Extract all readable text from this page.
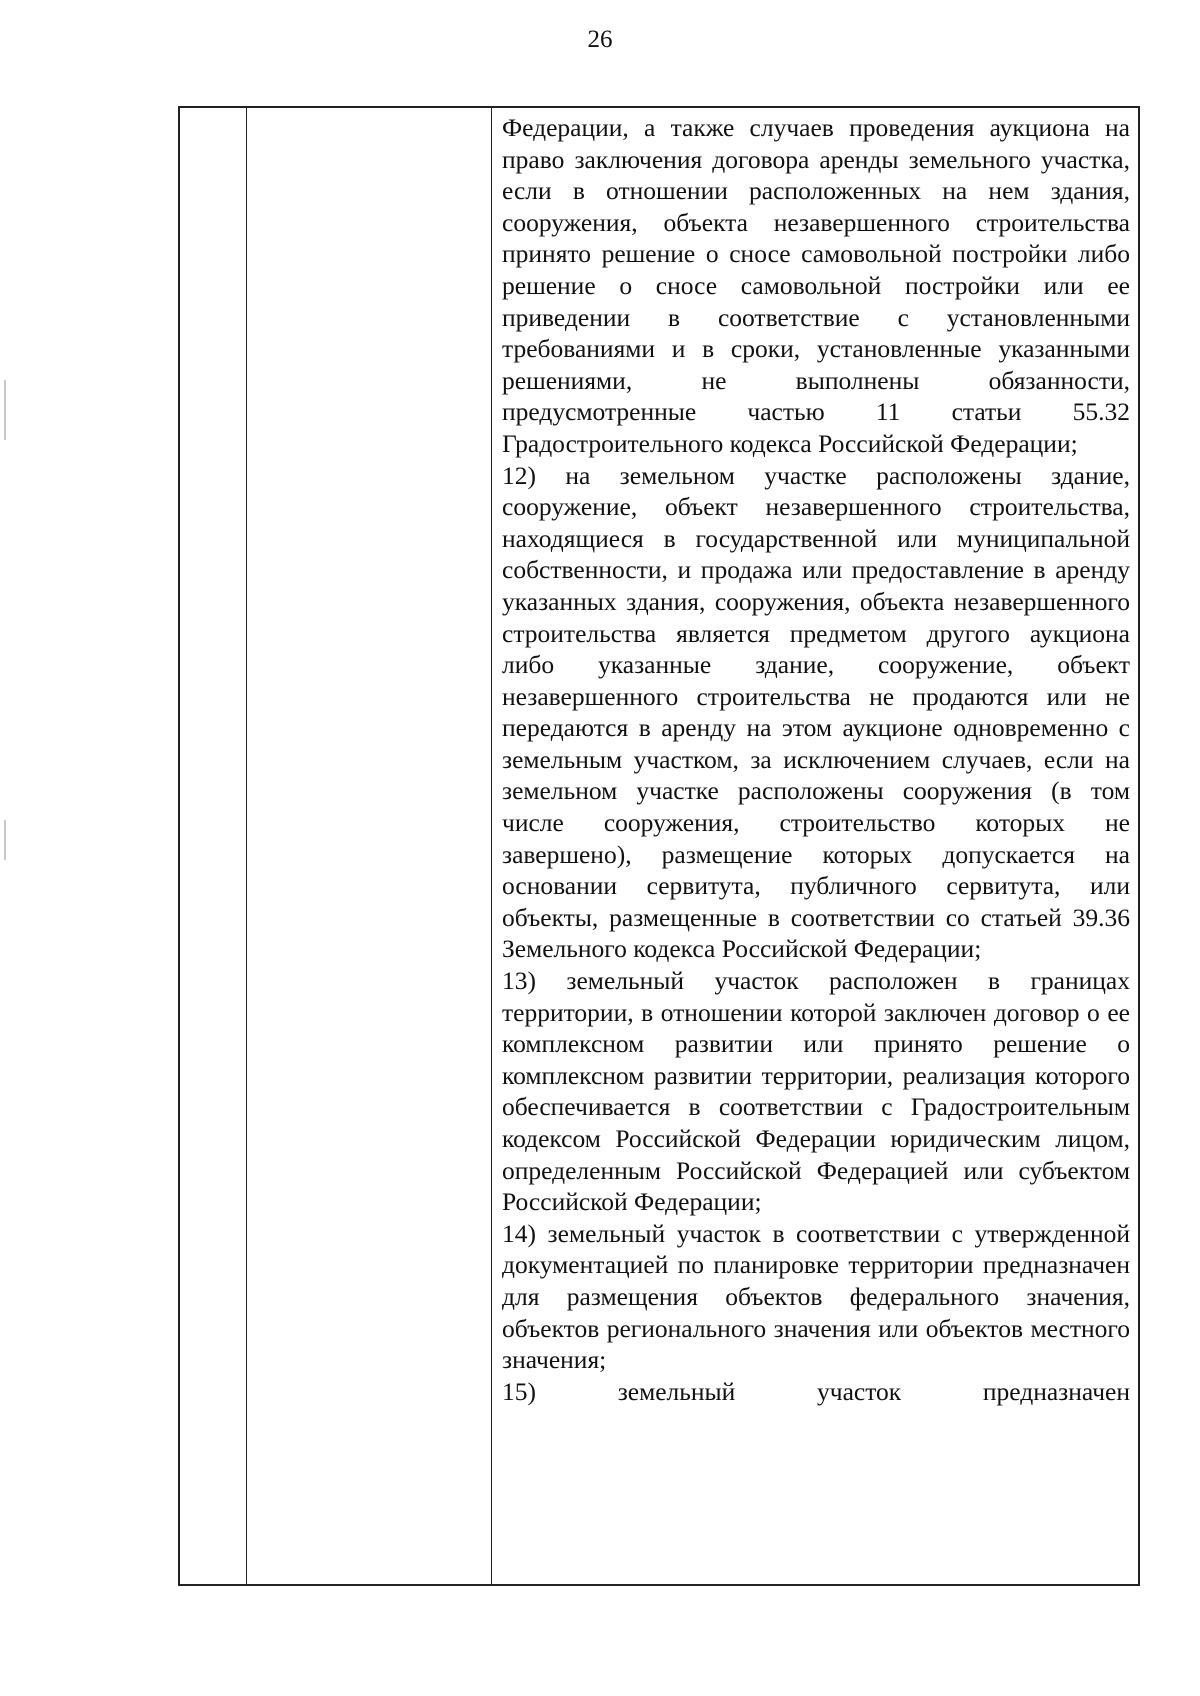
26

Федерации, а также случаев проведения аукциона на право заключения договора аренды земельного участка, если в отношении расположенных на нем здания, сооружения, объекта незавершенного строительства принято решение о сносе самовольной постройки либо решение о сносе самовольной постройки или ее приведении в соответствие с установленными требованиями и в сроки, установленные указанными решениями, не выполнены обязанности, предусмотренные частью 11 статьи 55.32 Градостроительного кодекса Российской Федерации;

12) на земельном участке расположены здание, сооружение, объект незавершенного строительства, находящиеся в государственной или муниципальной собственности, и продажа или предоставление в аренду указанных здания, сооружения, объекта незавершенного строительства является предметом другого аукциона либо указанные здание, сооружение, объект незавершенного строительства не продаются или не передаются в аренду на этом аукционе одновременно с земельным участком, за исключением случаев, если на земельном участке расположены сооружения (в том числе сооружения, строительство которых не завершено), размещение которых допускается на основании сервитута, публичного сервитута, или объекты, размещенные в соответствии со статьей 39.36 Земельного кодекса Российской Федерации;

13) земельный участок расположен в границах территории, в отношении которой заключен договор о ее комплексном развитии или принято решение о комплексном развитии территории, реализация которого обеспечивается в соответствии с Градостроительным кодексом Российской Федерации юридическим лицом, определенным Российской Федерацией или субъектом Российской Федерации;

14) земельный участок в соответствии с утвержденной документацией по планировке территории предназначен для размещения объектов федерального значения, объектов регионального значения или объектов местного значения;

15) земельный участок предназначен
